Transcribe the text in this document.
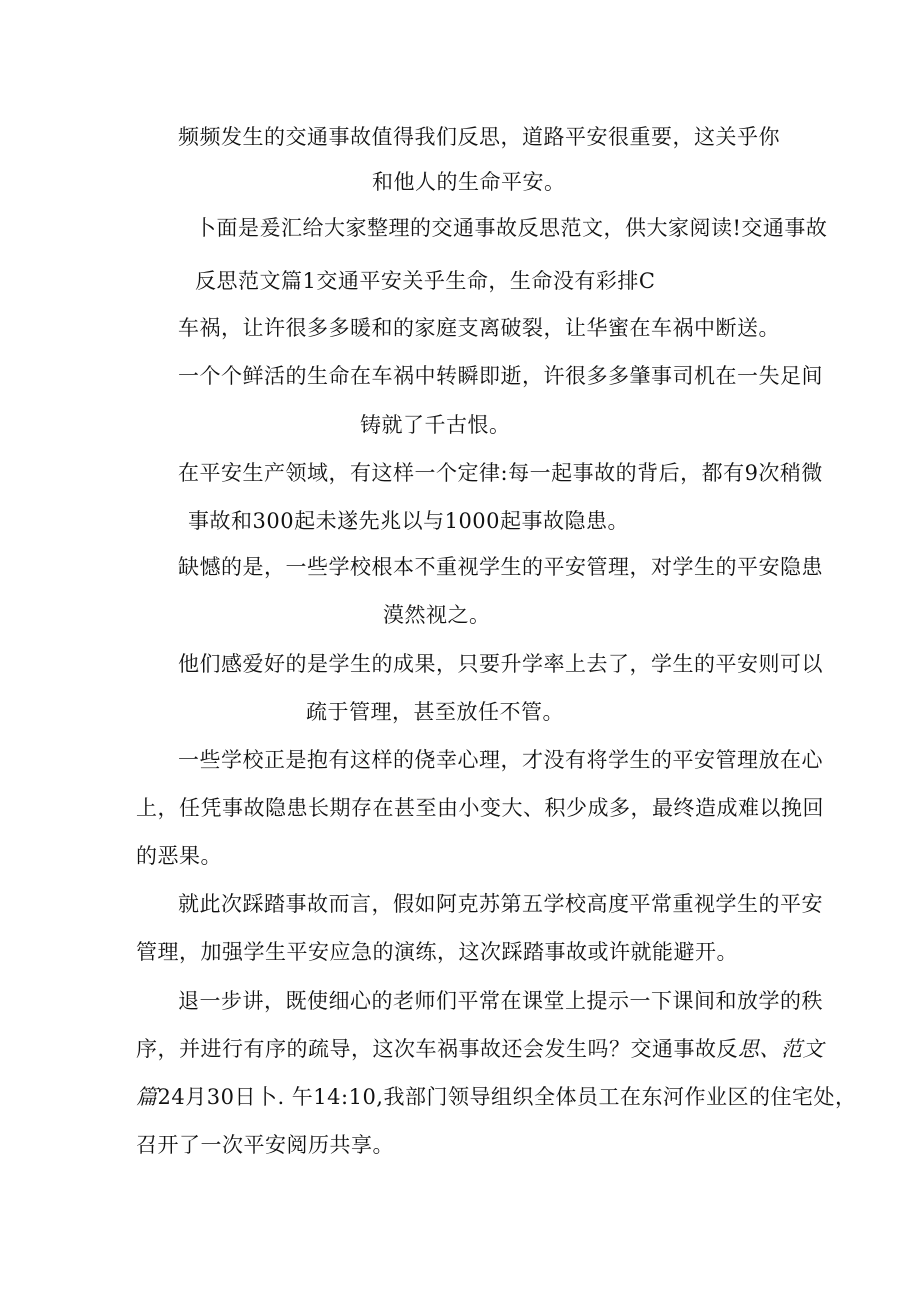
频频发生的交通事故值得我们反思，道路平安很重要，这关乎你

和他人的生命平安。

卜面是爰汇给大家整理的交通事故反思范文，供大家阅读!交通事故

反思范文篇1交通平安关乎生命，生命没有彩排C

车祸，让许很多多暖和的家庭支离破裂，让华蜜在车祸中断送。

一个个鲜活的生命在车祸中转瞬即逝，许很多多肇事司机在一失足间

铸就了千古恨。

在平安生产领域，有这样一个定律:每一起事故的背后，都有9次稍微

事故和300起未遂先兆以与1000起事故隐患。

缺憾的是，一些学校根本不重视学生的平安管理，对学生的平安隐患

漠然视之。

他们感爱好的是学生的成果，只要升学率上去了，学生的平安则可以

疏于管理，甚至放任不管。

一些学校正是抱有这样的侥幸心理，才没有将学生的平安管理放在心

上，任凭事故隐患长期存在甚至由小变大、积少成多，最终造成难以挽回

的恶果。

就此次踩踏事故而言，假如阿克苏第五学校高度平常重视学生的平安

管理，加强学生平安应急的演练，这次踩踏事故或许就能避开。

退一步讲，既使细心的老师们平常在课堂上提示一下课间和放学的秩

序，并进行有序的疏导，这次车祸事故还会发生吗？交通事故反思、范文

篇24月30日卜. 午14:10,我部门领导组织全体员工在东河作业区的住宅处，

召开了一次平安阅历共享。
